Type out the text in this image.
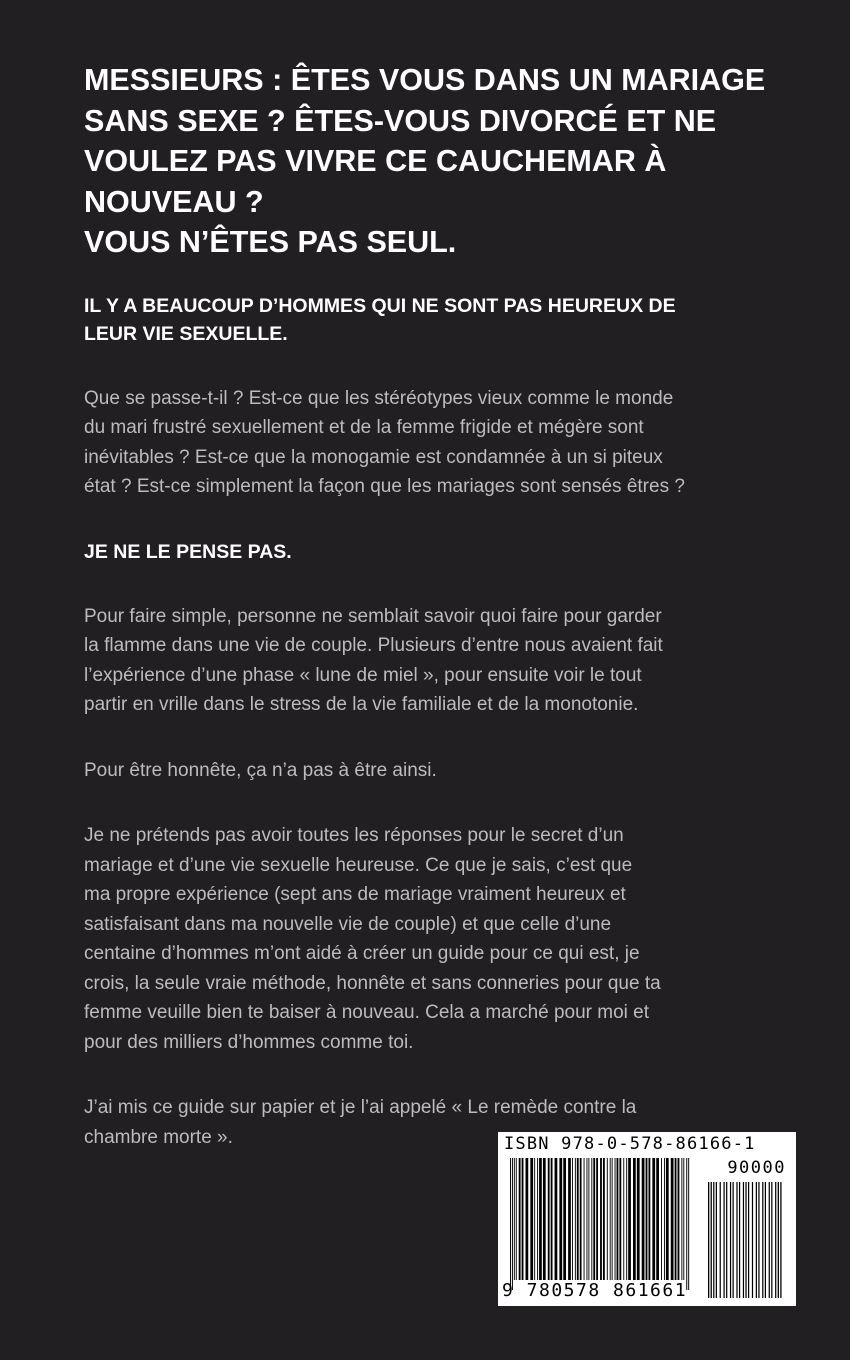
MESSIEURS : ÊTES VOUS DANS UN MARIAGE
SANS SEXE ? ÊTES-VOUS DIVORCÉ ET NE
VOULEZ PAS VIVRE CE CAUCHEMAR À
NOUVEAU ?
VOUS N’ÊTES PAS SEUL.
IL Y A BEAUCOUP D’HOMMES QUI NE SONT PAS HEUREUX DE
LEUR VIE SEXUELLE.

Que se passe-t-il ? Est-ce que les stéréotypes vieux comme le monde
du mari frustré sexuellement et de la femme frigide et mégère sont
inévitables ? Est-ce que la monogamie est condamnée à un si piteux
état ? Est-ce simplement la façon que les mariages sont sensés êtres ?

JE NE LE PENSE PAS.

Pour faire simple, personne ne semblait savoir quoi faire pour garder
la flamme dans une vie de couple. Plusieurs d’entre nous avaient fait
l’expérience d’une phase « lune de miel », pour ensuite voir le tout
partir en vrille dans le stress de la vie familiale et de la monotonie.

Pour être honnête, ça n’a pas à être ainsi.

Je ne prétends pas avoir toutes les réponses pour le secret d’un
mariage et d’une vie sexuelle heureuse. Ce que je sais, c’est que
ma propre expérience (sept ans de mariage vraiment heureux et
satisfaisant dans ma nouvelle vie de couple) et que celle d’une
centaine d’hommes m’ont aidé à créer un guide pour ce qui est, je
crois, la seule vraie méthode, honnête et sans conneries pour que ta
femme veuille bien te baiser à nouveau. Cela a marché pour moi et
pour des milliers d’hommes comme toi.

J’ai mis ce guide sur papier et je l’ai appelé « Le remède contre la
chambre morte ».	ISBN 978-0-578-86166-1
90000
9 780578 861661
